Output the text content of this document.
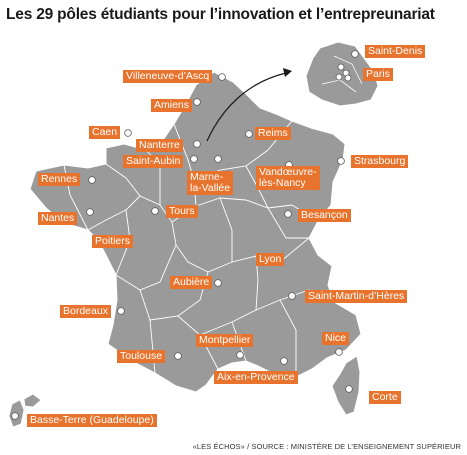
Les 29 pôles étudiants pour l’innovation et l’entrepreunariat
Saint-Denis
Paris
Villeneuve-d’Ascq
Amiens
Caen
Nanterre
Reims
Saint-Aubin
Marne-
la-Vallée
Vandœuvre-
lès-Nancy
Strasbourg
Rennes
Tours	Besançon
Nantes
Poitiers
Lyon
Aubière
Saint-Martin-d’Hères
Bordeaux
Nice
Montpellier
Toulouse
Aix-en-Provence
Corte
Basse-Terre (Guadeloupe)
«LES ÉCHOS» / SOURCE : MINISTÈRE DE L’ENSEIGNEMENT SUPÉRIEUR
